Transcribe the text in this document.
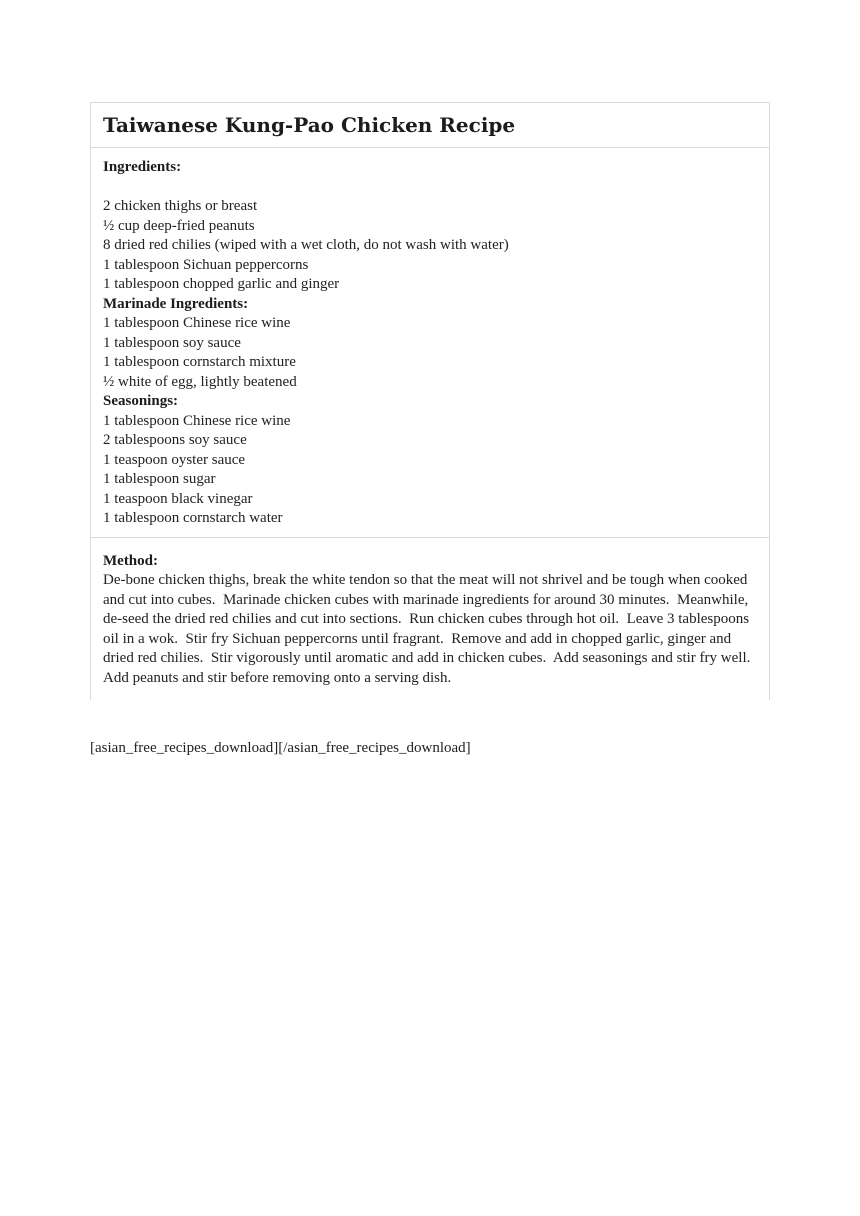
Taiwanese Kung-Pao Chicken Recipe
Ingredients:
2 chicken thighs or breast
½ cup deep-fried peanuts
8 dried red chilies (wiped with a wet cloth, do not wash with water)
1 tablespoon Sichuan peppercorns
1 tablespoon chopped garlic and ginger
Marinade Ingredients:
1 tablespoon Chinese rice wine
1 tablespoon soy sauce
1 tablespoon cornstarch mixture
½ white of egg, lightly beatened
Seasonings:
1 tablespoon Chinese rice wine
2 tablespoons soy sauce
1 teaspoon oyster sauce
1 tablespoon sugar
1 teaspoon black vinegar
1 tablespoon cornstarch water
Method:
De-bone chicken thighs, break the white tendon so that the meat will not shrivel and be tough when cooked and cut into cubes.  Marinade chicken cubes with marinade ingredients for around 30 minutes.  Meanwhile, de-seed the dried red chilies and cut into sections.  Run chicken cubes through hot oil.  Leave 3 tablespoons oil in a wok.  Stir fry Sichuan peppercorns until fragrant.  Remove and add in chopped garlic, ginger and dried red chilies.  Stir vigorously until aromatic and add in chicken cubes.  Add seasonings and stir fry well.  Add peanuts and stir before removing onto a serving dish.
[asian_free_recipes_download][/asian_free_recipes_download]
